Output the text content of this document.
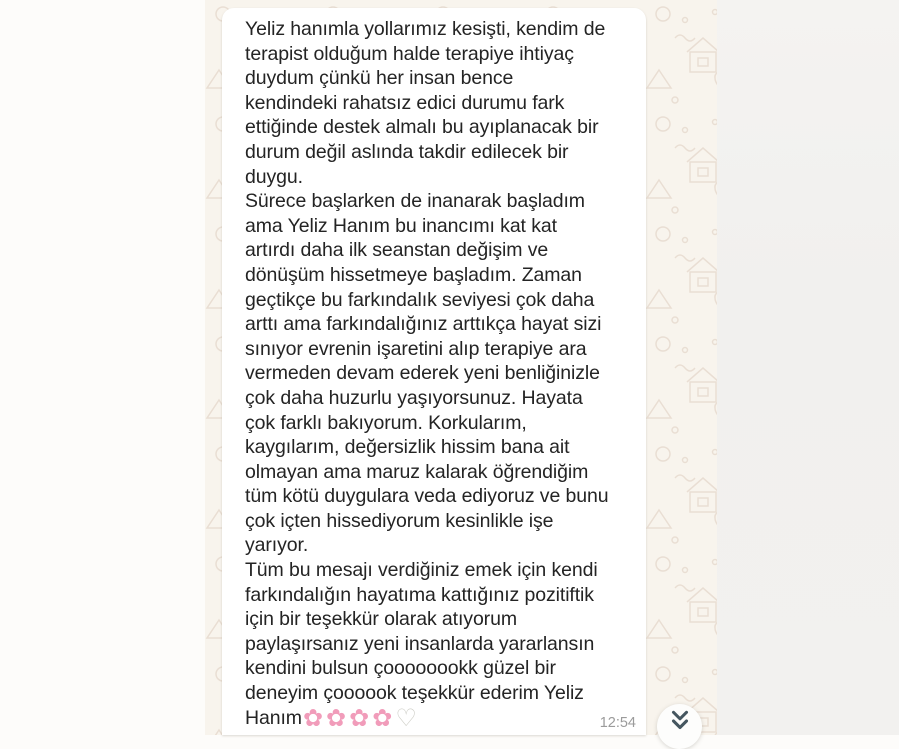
Yeliz hanımla yollarımız kesişti, kendim de
terapist olduğum halde terapiye ihtiyaç
duydum çünkü her insan bence
kendindeki rahatsız edici durumu fark
ettiğinde destek almalı bu ayıplanacak bir
durum değil aslında takdir edilecek bir
duygu.
Sürece başlarken de inanarak başladım
ama Yeliz Hanım bu inancımı kat kat
artırdı daha ilk seanstan değişim ve
dönüşüm hissetmeye başladım. Zaman
geçtikçe bu farkındalık seviyesi çok daha
arttı ama farkındalığınız arttıkça hayat sizi
sınıyor evrenin işaretini alıp terapiye ara
vermeden devam ederek yeni benliğinizle
çok daha huzurlu yaşıyorsunuz. Hayata
çok farklı bakıyorum. Korkularım,
kaygılarım, değersizlik hissim bana ait
olmayan ama maruz kalarak öğrendiğim
tüm kötü duygulara veda ediyoruz ve bunu
çok içten hissediyorum kesinlikle işe
yarıyor.
Tüm bu mesajı verdiğiniz emek için kendi
farkındalığın hayatıma kattığınız pozitiftik
için bir teşekkür olarak atıyorum
paylaşırsanız yeni insanlarda yararlansın
kendini bulsun çoooooookk güzel bir
deneyim çoooook teşekkür ederim Yeliz
Hanım✿✿✿✿♡	12:54
